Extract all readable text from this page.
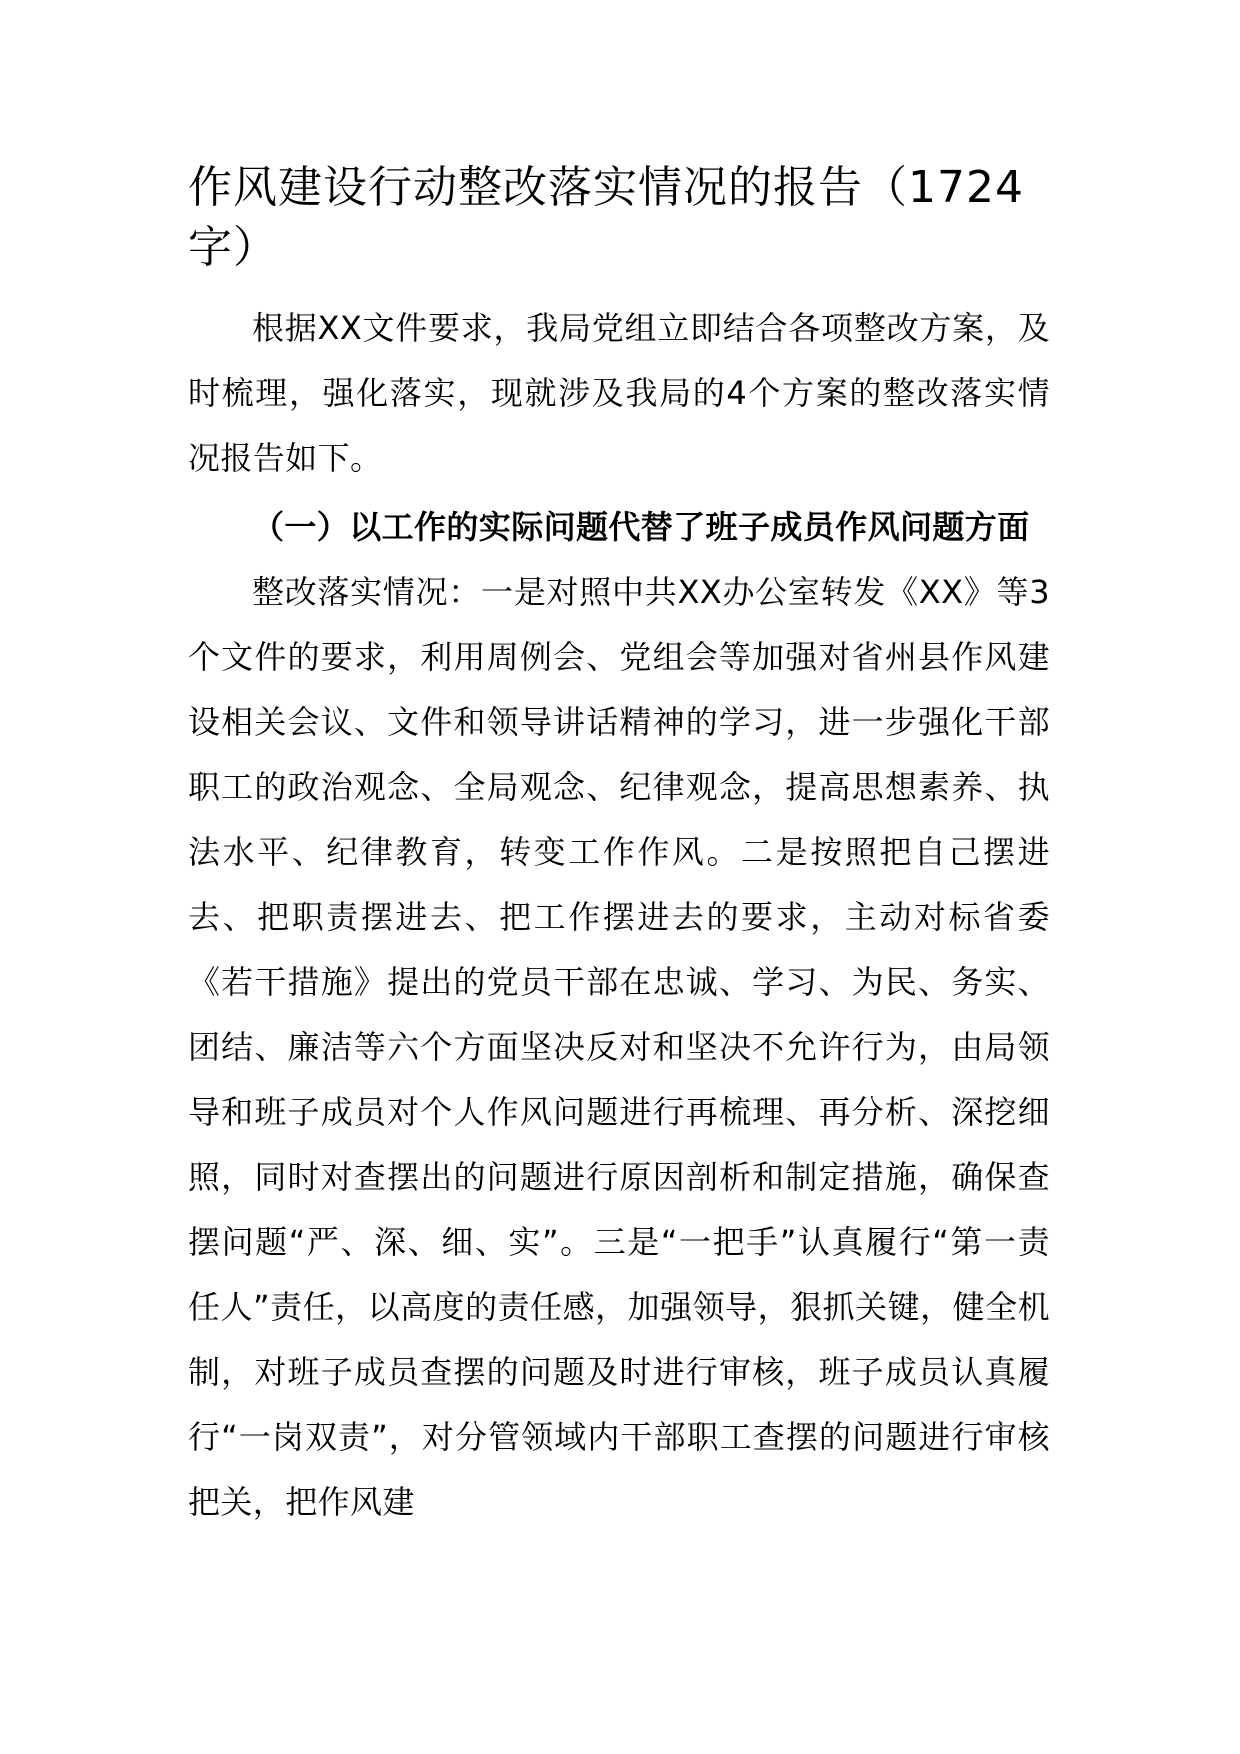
作风建设行动整改落实情况的报告（1724字）

根据XX文件要求，我局党组立即结合各项整改方案，及时梳理，强化落实，现就涉及我局的4个方案的整改落实情况报告如下。

（一）以工作的实际问题代替了班子成员作风问题方面

整改落实情况：一是对照中共XX办公室转发《XX》等3个文件的要求，利用周例会、党组会等加强对省州县作风建设相关会议、文件和领导讲话精神的学习，进一步强化干部职工的政治观念、全局观念、纪律观念，提高思想素养、执法水平、纪律教育，转变工作作风。二是按照把自己摆进去、把职责摆进去、把工作摆进去的要求，主动对标省委《若干措施》提出的党员干部在忠诚、学习、为民、务实、团结、廉洁等六个方面坚决反对和坚决不允许行为，由局领导和班子成员对个人作风问题进行再梳理、再分析、深挖细照，同时对查摆出的问题进行原因剖析和制定措施，确保查摆问题“严、深、细、实”。三是“一把手”认真履行“第一责任人”责任，以高度的责任感，加强领导，狠抓关键，健全机制，对班子成员查摆的问题及时进行审核，班子成员认真履行“一岗双责”，对分管领域内干部职工查摆的问题进行审核把关，把作风建
